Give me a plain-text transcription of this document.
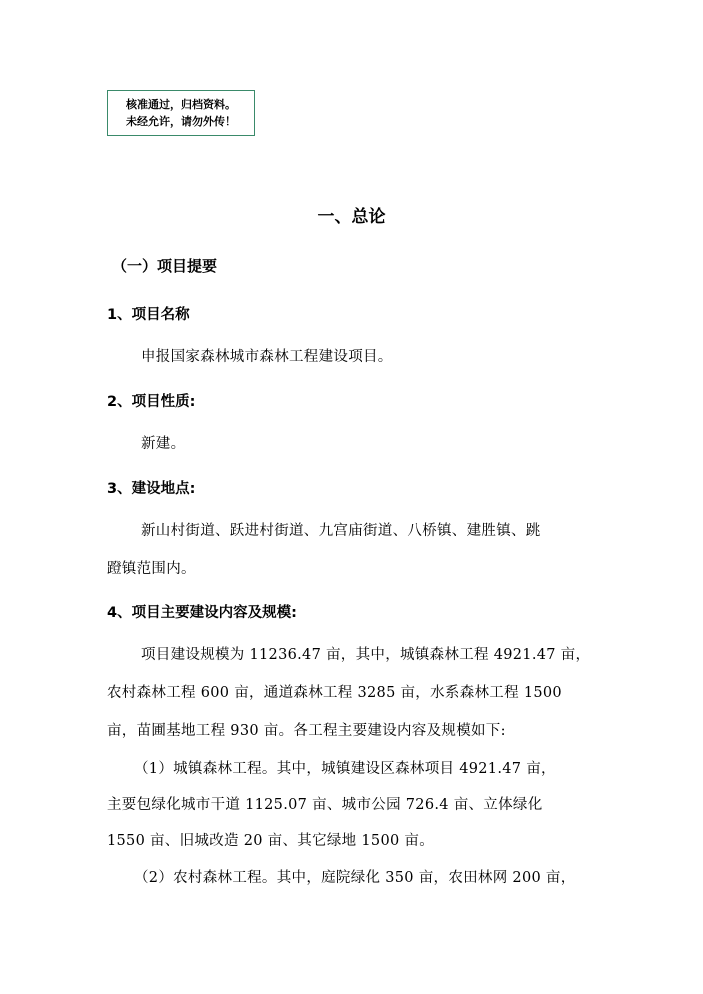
核准通过，归档资料。
未经允许，请勿外传！
一、总论
（一）项目提要
1、项目名称
申报国家森林城市森林工程建设项目。
2、项目性质:
新建。
3、建设地点:
新山村街道、跃进村街道、九宫庙街道、八桥镇、建胜镇、跳
蹬镇范围内。
4、项目主要建设内容及规模:
项目建设规模为 11236.47 亩，其中，城镇森林工程 4921.47 亩，
农村森林工程 600 亩，通道森林工程 3285 亩，水系森林工程 1500
亩，苗圃基地工程 930 亩。各工程主要建设内容及规模如下:
（1）城镇森林工程。其中，城镇建设区森林项目 4921.47 亩，
主要包绿化城市干道 1125.07 亩、城市公园 726.4 亩、立体绿化
1550 亩、旧城改造 20 亩、其它绿地 1500 亩。
（2）农村森林工程。其中，庭院绿化 350 亩，农田林网 200 亩，
